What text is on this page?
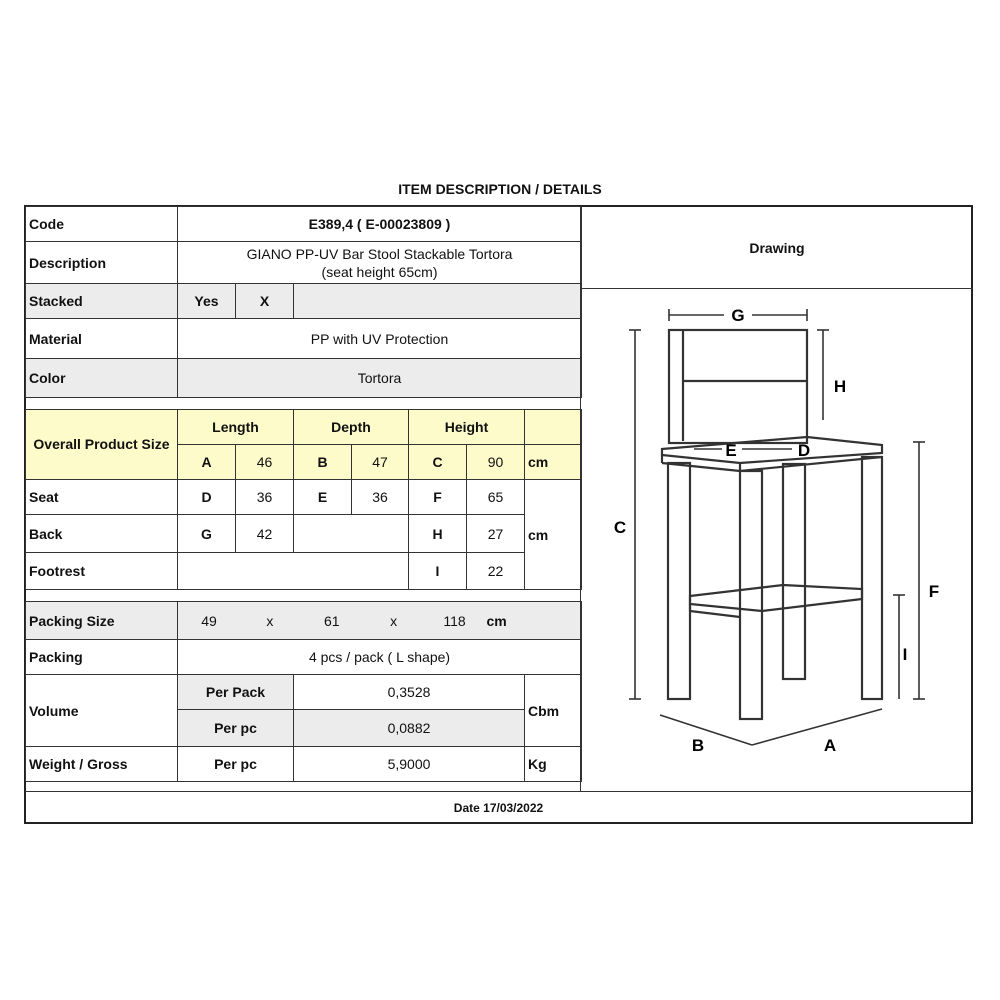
ITEM DESCRIPTION / DETAILS
Code	E389,4 ( E-00023809 )						
Description	GIANO PP-UV Bar Stool Stackable Tortora
(seat height 65cm)						

Stacked	Yes	X					
Material	PP with UV Protection						
Color	Tortora						

Overall Product Size	Length		Depth		Height		
	A	46	B	47	C	90	cm
Seat	D	36	E	36	F	65	cm
Back	G	42			H	27	
Footrest					I	22	

Packing Size	49 x 61 x 118 cm						
Packing	4 pcs / pack ( L shape)						
Volume	Per Pack		0,3528				Cbm
	Per pc		0,0882				
Weight / Gross	Per pc		5,9000				Kg
Drawing
G
H
C
F
I
E	D
B	A
Date 17/03/2022
